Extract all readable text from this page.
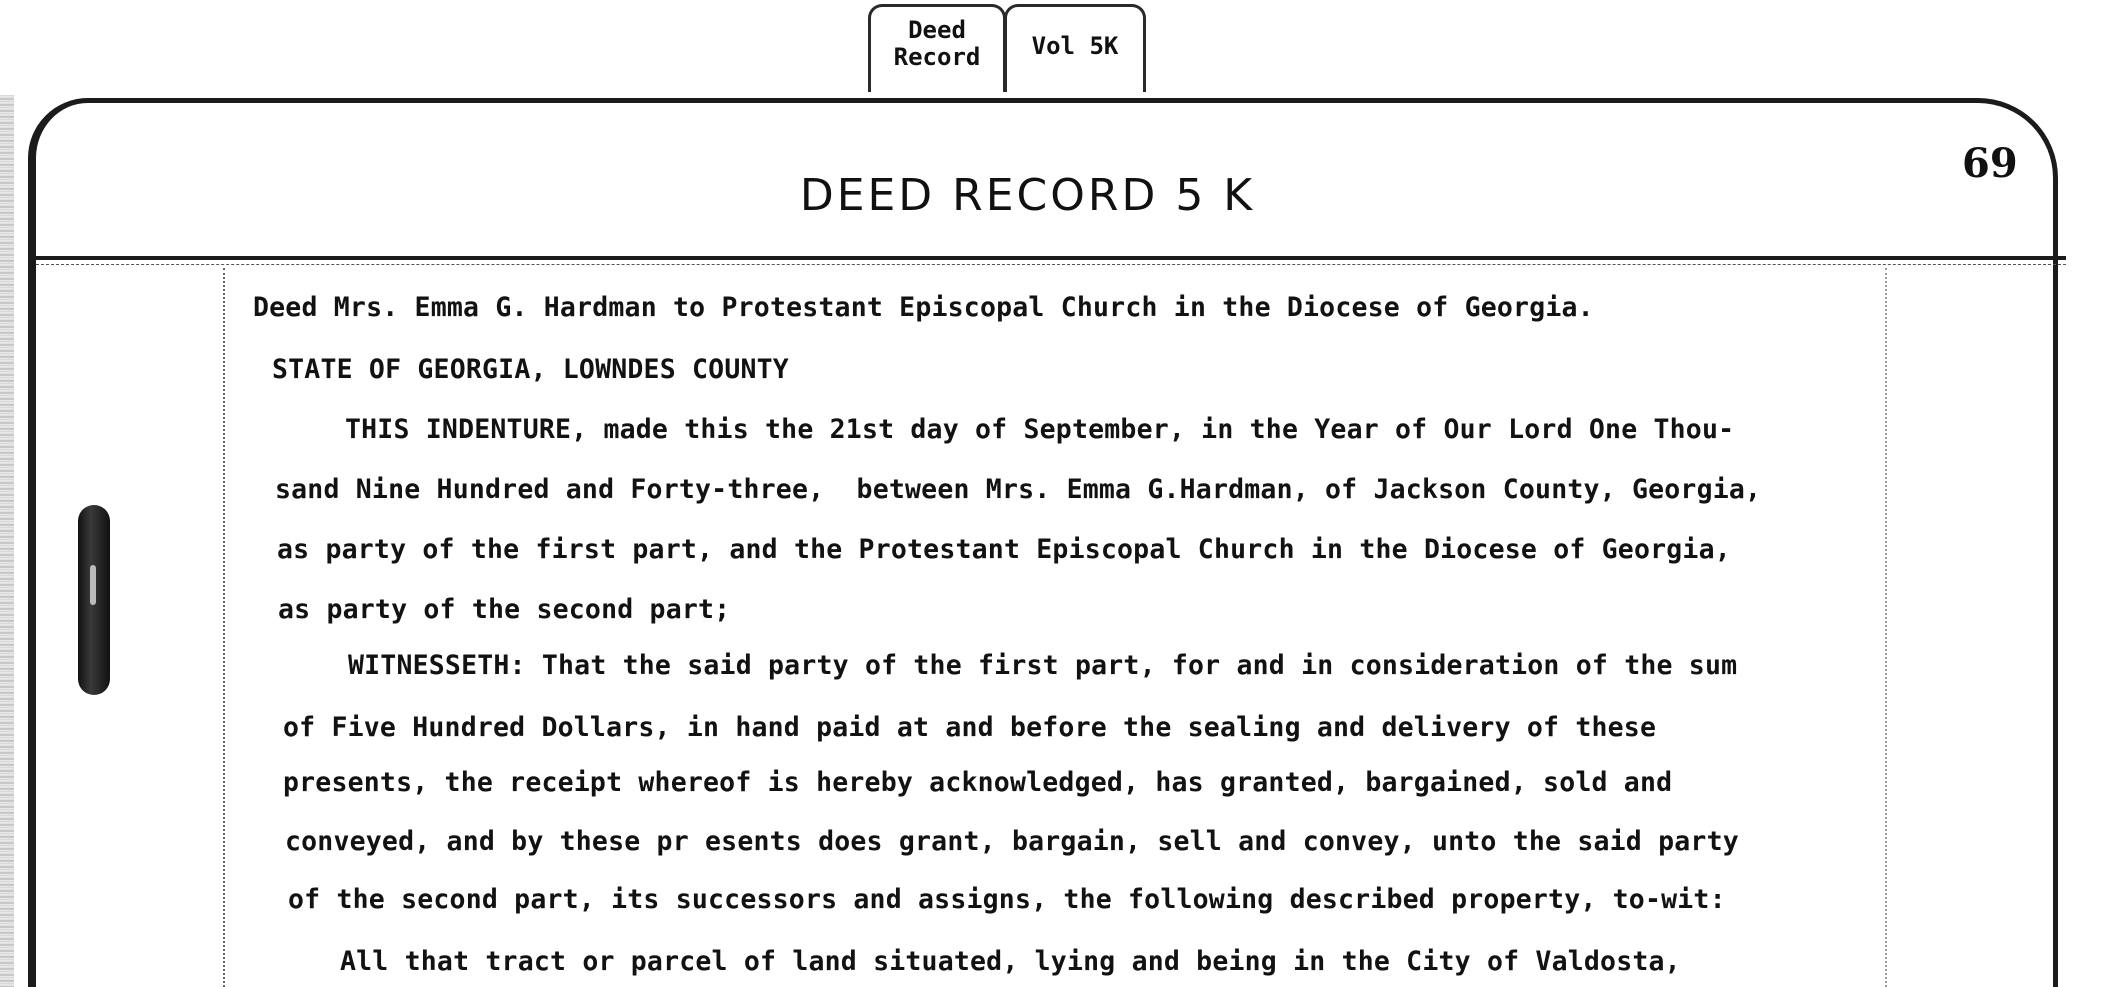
Deed
Record	Vol 5K
DEED RECORD 5 K
69
Deed Mrs. Emma G. Hardman to Protestant Episcopal Church in the Diocese of Georgia.
STATE OF GEORGIA, LOWNDES COUNTY
THIS INDENTURE, made this the 21st day of September, in the Year of Our Lord One Thou-
sand Nine Hundred and Forty-three,  between Mrs. Emma G.Hardman, of Jackson County, Georgia,
as party of the first part, and the Protestant Episcopal Church in the Diocese of Georgia,
as party of the second part;
WITNESSETH: That the said party of the first part, for and in consideration of the sum
of Five Hundred Dollars, in hand paid at and before the sealing and delivery of these
presents, the receipt whereof is hereby acknowledged, has granted, bargained, sold and
conveyed, and by these pr esents does grant, bargain, sell and convey, unto the said party
of the second part, its successors and assigns, the following described property, to-wit:
All that tract or parcel of land situated, lying and being in the City of Valdosta,
